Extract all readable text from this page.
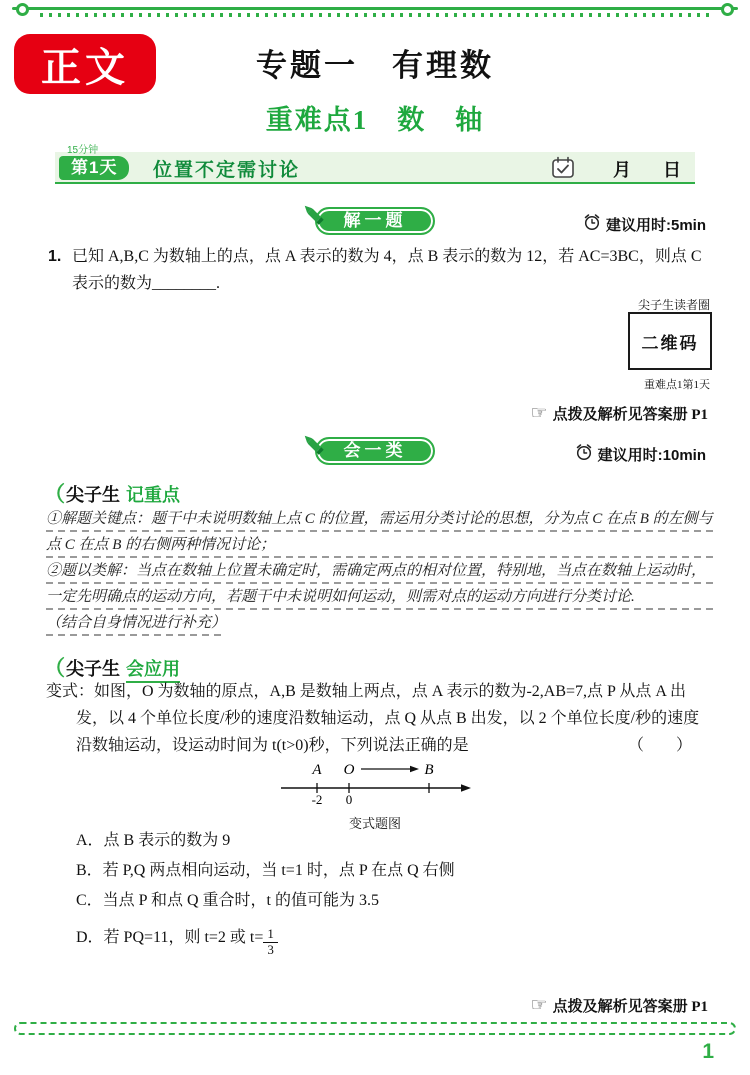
正文	专题一　有理数
重难点1　数　轴
15分钟
第1天	位置不定需讨论	月 日
解一题	建议用时:5min
1. 已知 A,B,C 为数轴上的点，点 A 表示的数为 4，点 B 表示的数为 12，若 AC=3BC，则点 C 表示的数为________.
尖子生读者圈
二维码
重难点1第1天
☞ 点拨及解析见答案册 P1
会一类	建议用时:10min
（尖子生 记重点

①解题关键点：题干中未说明数轴上点 C 的位置，需运用分类讨论的思想，分为点 C 在点 B 的左侧与点 C 在点 B 的右侧两种情况讨论；

②题以类解：当点在数轴上位置未确定时，需确定两点的相对位置，特别地，当点在数轴上运动时，一定先明确点的运动方向，若题干中未说明如何运动，则需对点的运动方向进行分类讨论.

（结合自身情况进行补充）

（尖子生 会应用
变式：如图，O 为数轴的原点，A,B 是数轴上两点，点 A 表示的数为-2,AB=7,点 P 从点 A 出发，以 4 个单位长度/秒的速度沿数轴运动，点 Q 从点 B 出发，以 2 个单位长度/秒的速度沿数轴运动，设运动时间为 t(t>0)秒，下列说法正确的是	（　　）
A O	B
-2 0
变式题图
A．点 B 表示的数为 9
B．若 P,Q 两点相向运动，当 t=1 时，点 P 在点 Q 右侧
C．当点 P 和点 Q 重合时，t 的值可能为 3.5
D．若 PQ=11，则 t=2 或 $t= \frac{1}{3}$
☞ 点拨及解析见答案册 P1
1
